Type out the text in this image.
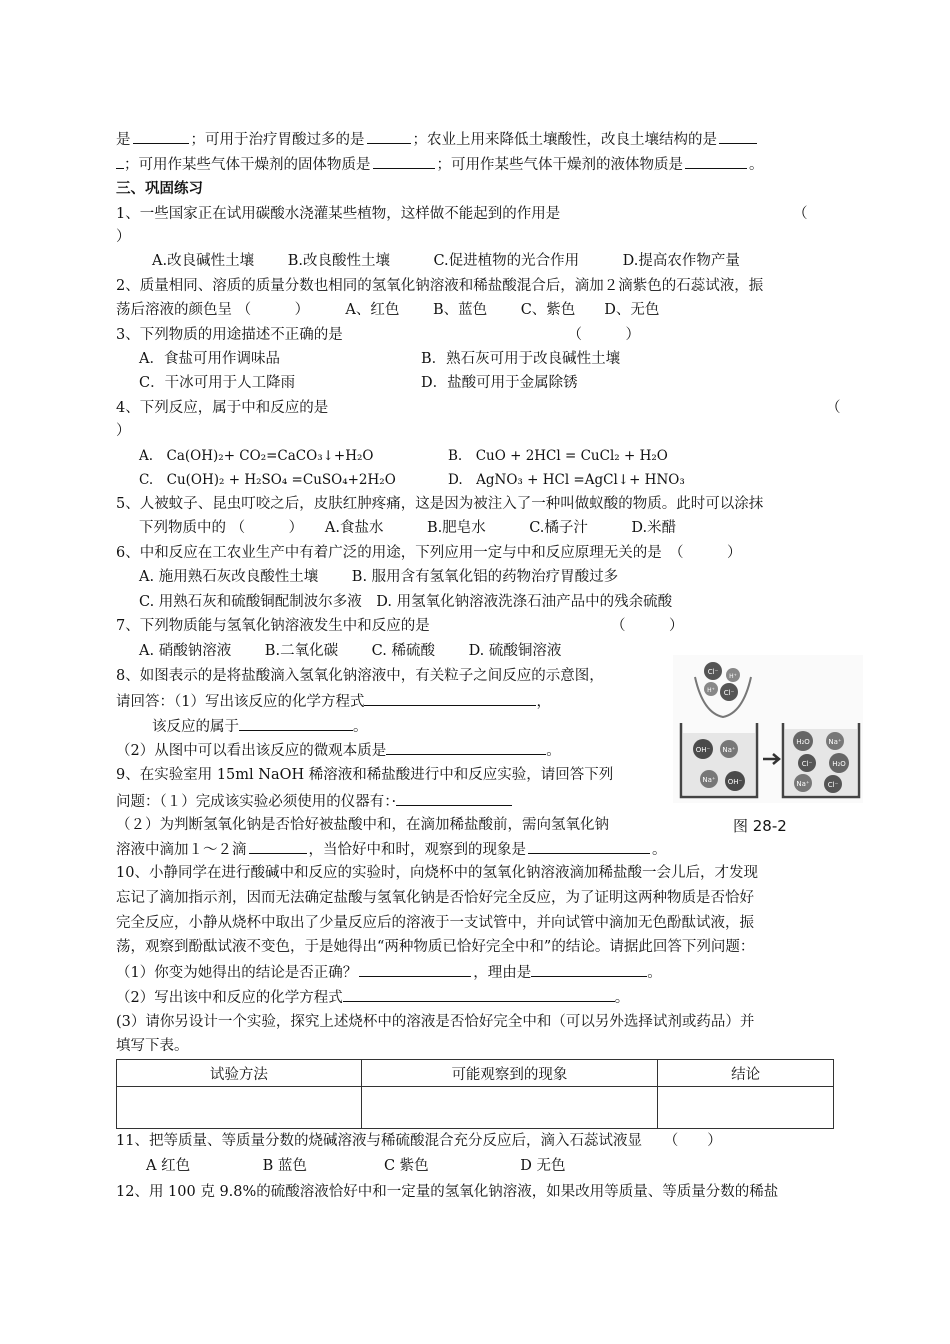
是	；可用于治疗胃酸过多的是	；农业上用来降低土壤酸性，改良土壤结构的是
；可用作某些气体干燥剂的固体物质是	；可用作某些气体干燥剂的液体物质是	。
三、巩固练习
1、一些国家正在试用碳酸水浇灌某些植物，这样做不能起到的作用是	（
）
A.改良碱性土壤　　 B.改良酸性土壤　　　C.促进植物的光合作用　　　D.提高农作物产量
2、质量相同、溶质的质量分数也相同的氢氧化钠溶液和稀盐酸混合后，滴加２滴紫色的石蕊试液，振
荡后溶液的颜色呈 （　　　）　　　A、红色　　 B、蓝色　　 C、紫色　　D、无色
3、下列物质的用途描述不正确的是　　　　　　　　　　　　　　　　（　　　）
A．食盐可用作调味品	B．熟石灰可用于改良碱性土壤
C．干冰可用于人工降雨	D．盐酸可用于金属除锈
4、下列反应，属于中和反应的是	（
）
A.　Ca(OH)₂+ CO₂=CaCO₃↓+H₂O	B.　CuO + 2HCl = CuCl₂ + H₂O
C.　Cu(OH)₂ + H₂SO₄ =CuSO₄+2H₂O	D.　AgNO₃ + HCl =AgCl↓+ HNO₃
5、人被蚊子、昆虫叮咬之后，皮肤红肿疼痛，这是因为被注入了一种叫做蚁酸的物质。此时可以涂抹
下列物质中的 （　　　）　　A.食盐水　　　B.肥皂水　　　C.橘子汁　　　D.米醋
6、中和反应在工农业生产中有着广泛的用途，下列应用一定与中和反应原理无关的是　（　　　）
A. 施用熟石灰改良酸性土壤　　 B. 服用含有氢氧化铝的药物治疗胃酸过多
C. 用熟石灰和硫酸铜配制波尔多液　D. 用氢氧化钠溶液洗涤石油产品中的残余硫酸
7、下列物质能与氢氧化钠溶液发生中和反应的是　　　　　　　　　　　　　（　　　）
A. 硝酸钠溶液　　 B.二氧化碳　　 C. 稀硫酸　　 D. 硫酸铜溶液
8、如图表示的是将盐酸滴入氢氧化钠溶液中，有关粒子之间反应的示意图，
请回答：（1）写出该反应的化学方程式	，
该反应的属于	。
（2）从图中可以看出该反应的微观本质是	。
9、在实验室用 15ml NaOH 稀溶液和稀盐酸进行中和反应实验，请回答下列
问题：（１）完成该实验必须使用的仪器有：·
（２）为判断氢氧化钠是否恰好被盐酸中和，在滴加稀盐酸前，需向氢氧化钠
溶液中滴加１～２滴	，当恰好中和时，观察到的现象是	。
Cl⁻
H⁺
H⁺ Cl⁻
OH⁻ Na⁺
Na⁺ OH⁻
H₂O	Na⁺
Cl⁻	H₂O
Na⁺	Cl⁻
图 28-2
10、小静同学在进行酸碱中和反应的实验时，向烧杯中的氢氧化钠溶液滴加稀盐酸一会儿后，才发现
忘记了滴加指示剂，因而无法确定盐酸与氢氧化钠是否恰好完全反应，为了证明这两种物质是否恰好
完全反应，小静从烧杯中取出了少量反应后的溶液于一支试管中，并向试管中滴加无色酚酞试液，振
荡，观察到酚酞试液不变色，于是她得出“两种物质已恰好完全中和”的结论。请据此回答下列问题：
（1）你变为她得出的结论是否正确？	，理由是	。
（2）写出该中和反应的化学方程式	。
(3）请你另设计一个实验，探究上述烧杯中的溶液是否恰好完全中和（可以另外选择试剂或药品）并
填写下表。
试验方法	可能观察到的现象	结论

11、把等质量、等质量分数的烧碱溶液与稀硫酸混合充分反应后，滴入石蕊试液显　　（　　）
A 红色　　　　　B 蓝色　　　　　 C 紫色　　　　　　 D 无色
12、用 100 克 9.8%的硫酸溶液恰好中和一定量的氢氧化钠溶液，如果改用等质量、等质量分数的稀盐
